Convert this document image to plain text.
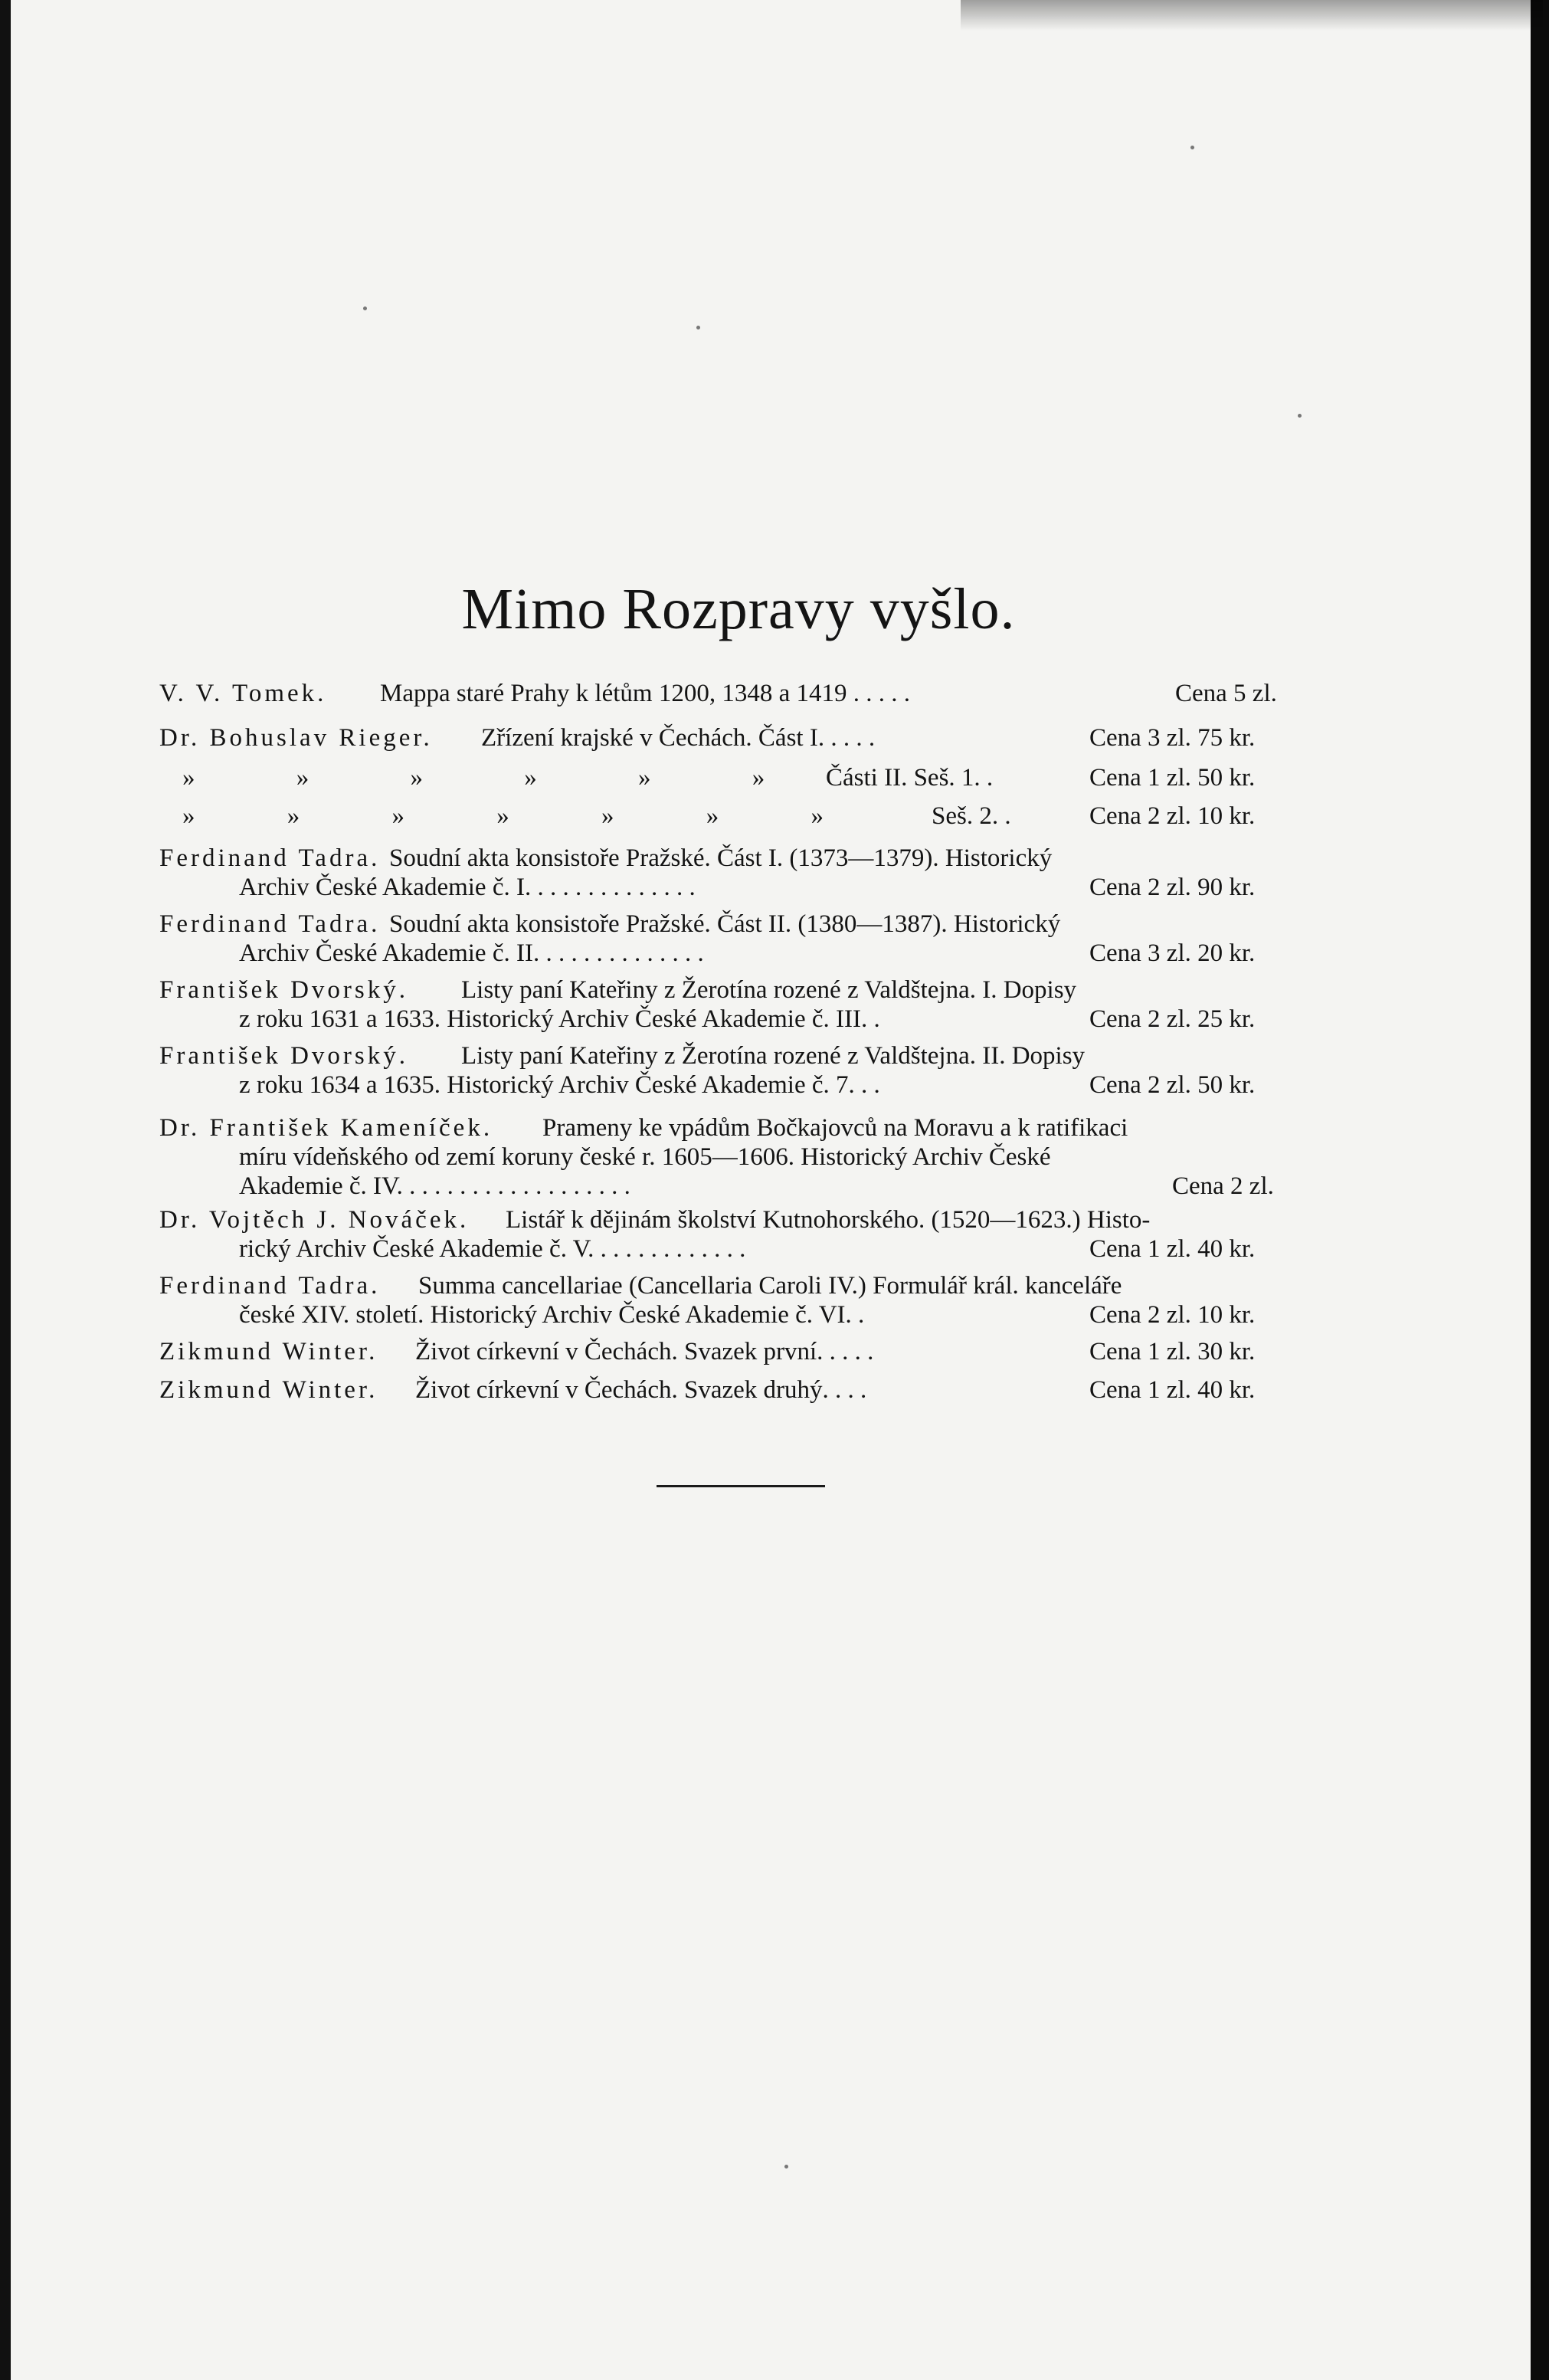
Mimo Rozpravy vyšlo.
V. V. Tomek. Mappa staré Prahy k létům 1200, 1348 a 1419 . . . . .	Cena 5 zl.
Dr. Bohuslav Rieger. Zřízení krajské v Čechách. Část I. . . . .	Cena 3 zl. 75 kr.
» » » » » » Části II. Seš. 1. .	Cena 1 zl. 50 kr.
» » » » » » »	Seš. 2. .	Cena 2 zl. 10 kr.
Ferdinand Tadra. Soudní akta konsistoře Pražské. Část I. (1373—1379). Historický
Archiv České Akademie č. I. . . . . . . . . . . . . .	Cena 2 zl. 90 kr.
Ferdinand Tadra. Soudní akta konsistoře Pražské. Část II. (1380—1387). Historický
Archiv České Akademie č. II. . . . . . . . . . . . . .	Cena 3 zl. 20 kr.
František Dvorský. Listy paní Kateřiny z Žerotína rozené z Valdštejna. I. Dopisy
z roku 1631 a 1633. Historický Archiv České Akademie č. III. .	Cena 2 zl. 25 kr.
František Dvorský. Listy paní Kateřiny z Žerotína rozené z Valdštejna. II. Dopisy
z roku 1634 a 1635. Historický Archiv České Akademie č. 7. . .	Cena 2 zl. 50 kr.
Dr. František Kameníček. Prameny ke vpádům Bočkajovců na Moravu a k ratifikaci
míru vídeňského od zemí koruny české r. 1605—1606. Historický Archiv České
Akademie č. IV. . . . . . . . . . . . . . . . . . .	Cena 2 zl.
Dr. Vojtěch J. Nováček. Listář k dějinám školství Kutnohorského. (1520—1623.) Histo-
rický Archiv České Akademie č. V. . . . . . . . . . . . .	Cena 1 zl. 40 kr.
Ferdinand Tadra. Summa cancellariae (Cancellaria Caroli IV.) Formulář král. kanceláře
české XIV. století. Historický Archiv České Akademie č. VI. .	Cena 2 zl. 10 kr.
Zikmund Winter. Život církevní v Čechách. Svazek první. . . . .	Cena 1 zl. 30 kr.
Zikmund Winter. Život církevní v Čechách. Svazek druhý. . . .	Cena 1 zl. 40 kr.
